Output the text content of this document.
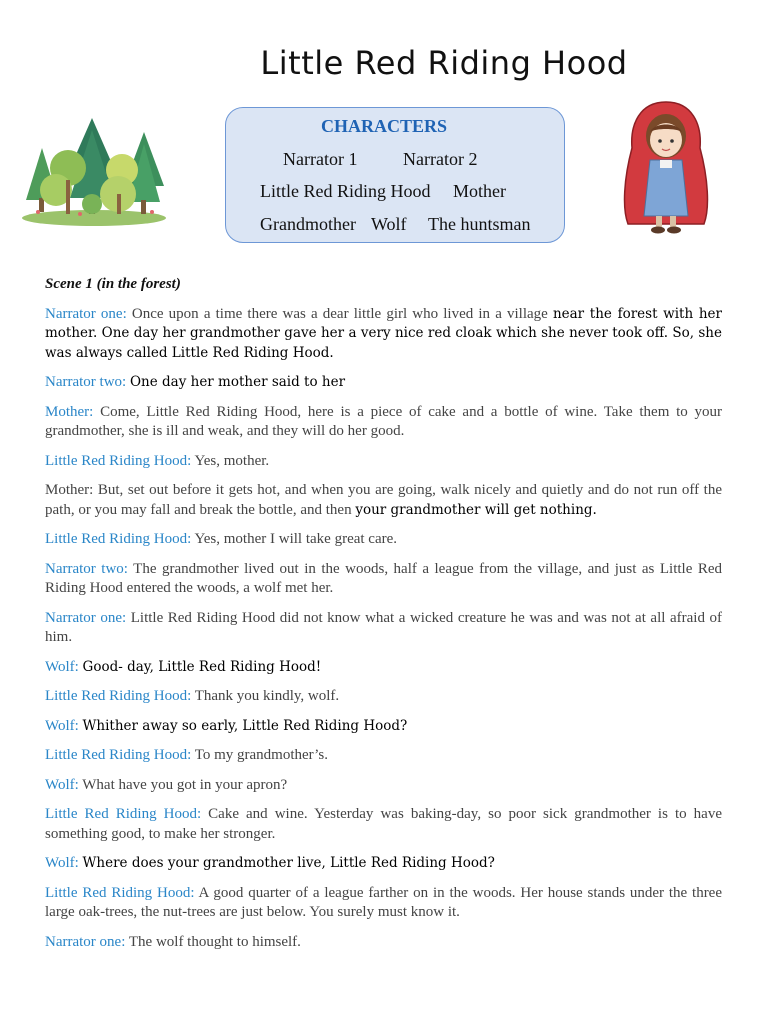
Little Red Riding Hood
CHARACTERS
Narrator 1	Narrator 2
Little Red Riding Hood Mother
Grandmother Wolf The huntsman
Scene 1 (in the forest)

Narrator one: Once upon a time there was a dear little girl who lived in a village near the forest with her mother. One day her grandmother gave her a very nice red cloak which she never took off. So, she was always called Little Red Riding Hood.

Narrator two: One day her mother said to her

Mother: Come, Little Red Riding Hood, here is a piece of cake and a bottle of wine. Take them to your grandmother, she is ill and weak, and they will do her good.

Little Red Riding Hood: Yes, mother.

Mother: But, set out before it gets hot, and when you are going, walk nicely and quietly and do not run off the path, or you may fall and break the bottle, and then your grandmother will get nothing.

Little Red Riding Hood: Yes, mother I will take great care.

Narrator two: The grandmother lived out in the woods, half a league from the village, and just as Little Red Riding Hood entered the woods, a wolf met her.

Narrator one: Little Red Riding Hood did not know what a wicked creature he was and was not at all afraid of him.

Wolf: Good- day, Little Red Riding Hood!

Little Red Riding Hood: Thank you kindly, wolf.

Wolf: Whither away so early, Little Red Riding Hood?

Little Red Riding Hood: To my grandmother’s.

Wolf: What have you got in your apron?

Little Red Riding Hood: Cake and wine. Yesterday was baking-day, so poor sick grandmother is to have something good, to make her stronger.

Wolf: Where does your grandmother live, Little Red Riding Hood?

Little Red Riding Hood: A good quarter of a league farther on in the woods. Her house stands under the three large oak-trees, the nut-trees are just below. You surely must know it.

Narrator one: The wolf thought to himself.
